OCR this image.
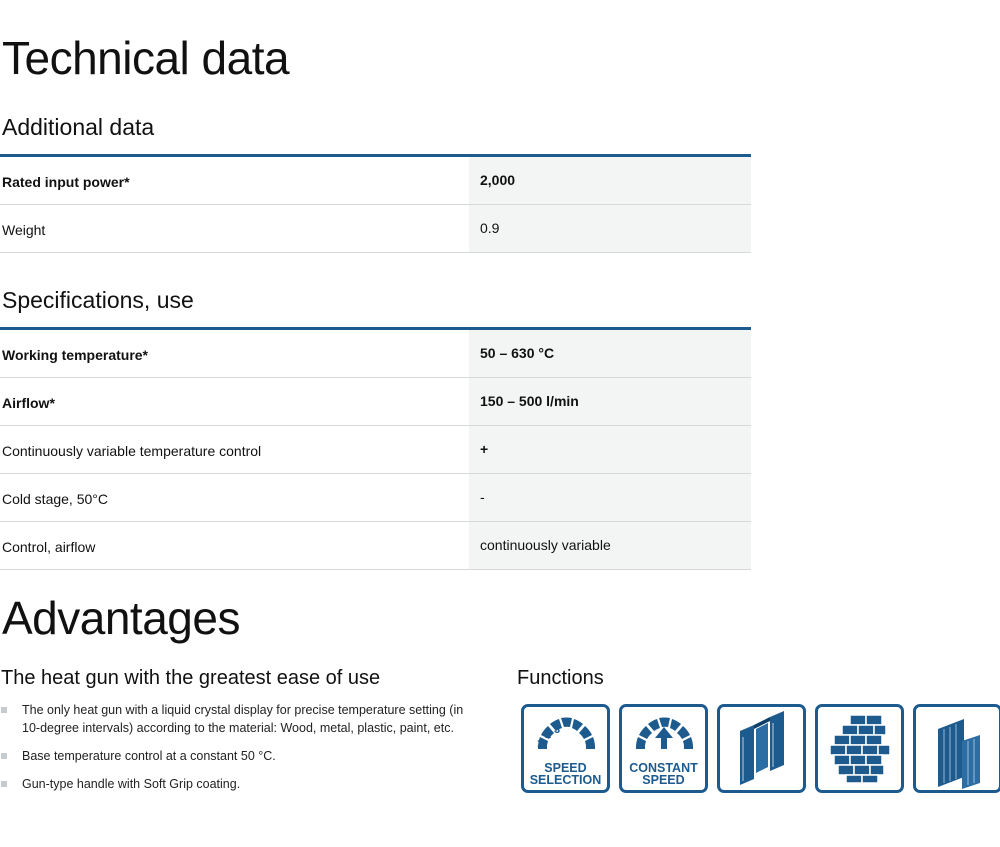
Technical data
Additional data
Rated input power*	2,000
Weight	0.9
Specifications, use
Working temperature*	50 – 630 °C
Airflow*	150 – 500 l/min
Continuously variable temperature control	+
Cold stage, 50°C	-
Control, airflow	continuously variable
Advantages
The heat gun with the greatest ease of use
The only heat gun with a liquid crystal display for precise temperature setting (in 10-degree intervals) according to the material: Wood, metal, plastic, paint, etc.
Base temperature control at a constant 50 °C.
Gun-type handle with Soft Grip coating.
Functions
1
2 3
SPEED
SELECTION
CONSTANT
SPEED
